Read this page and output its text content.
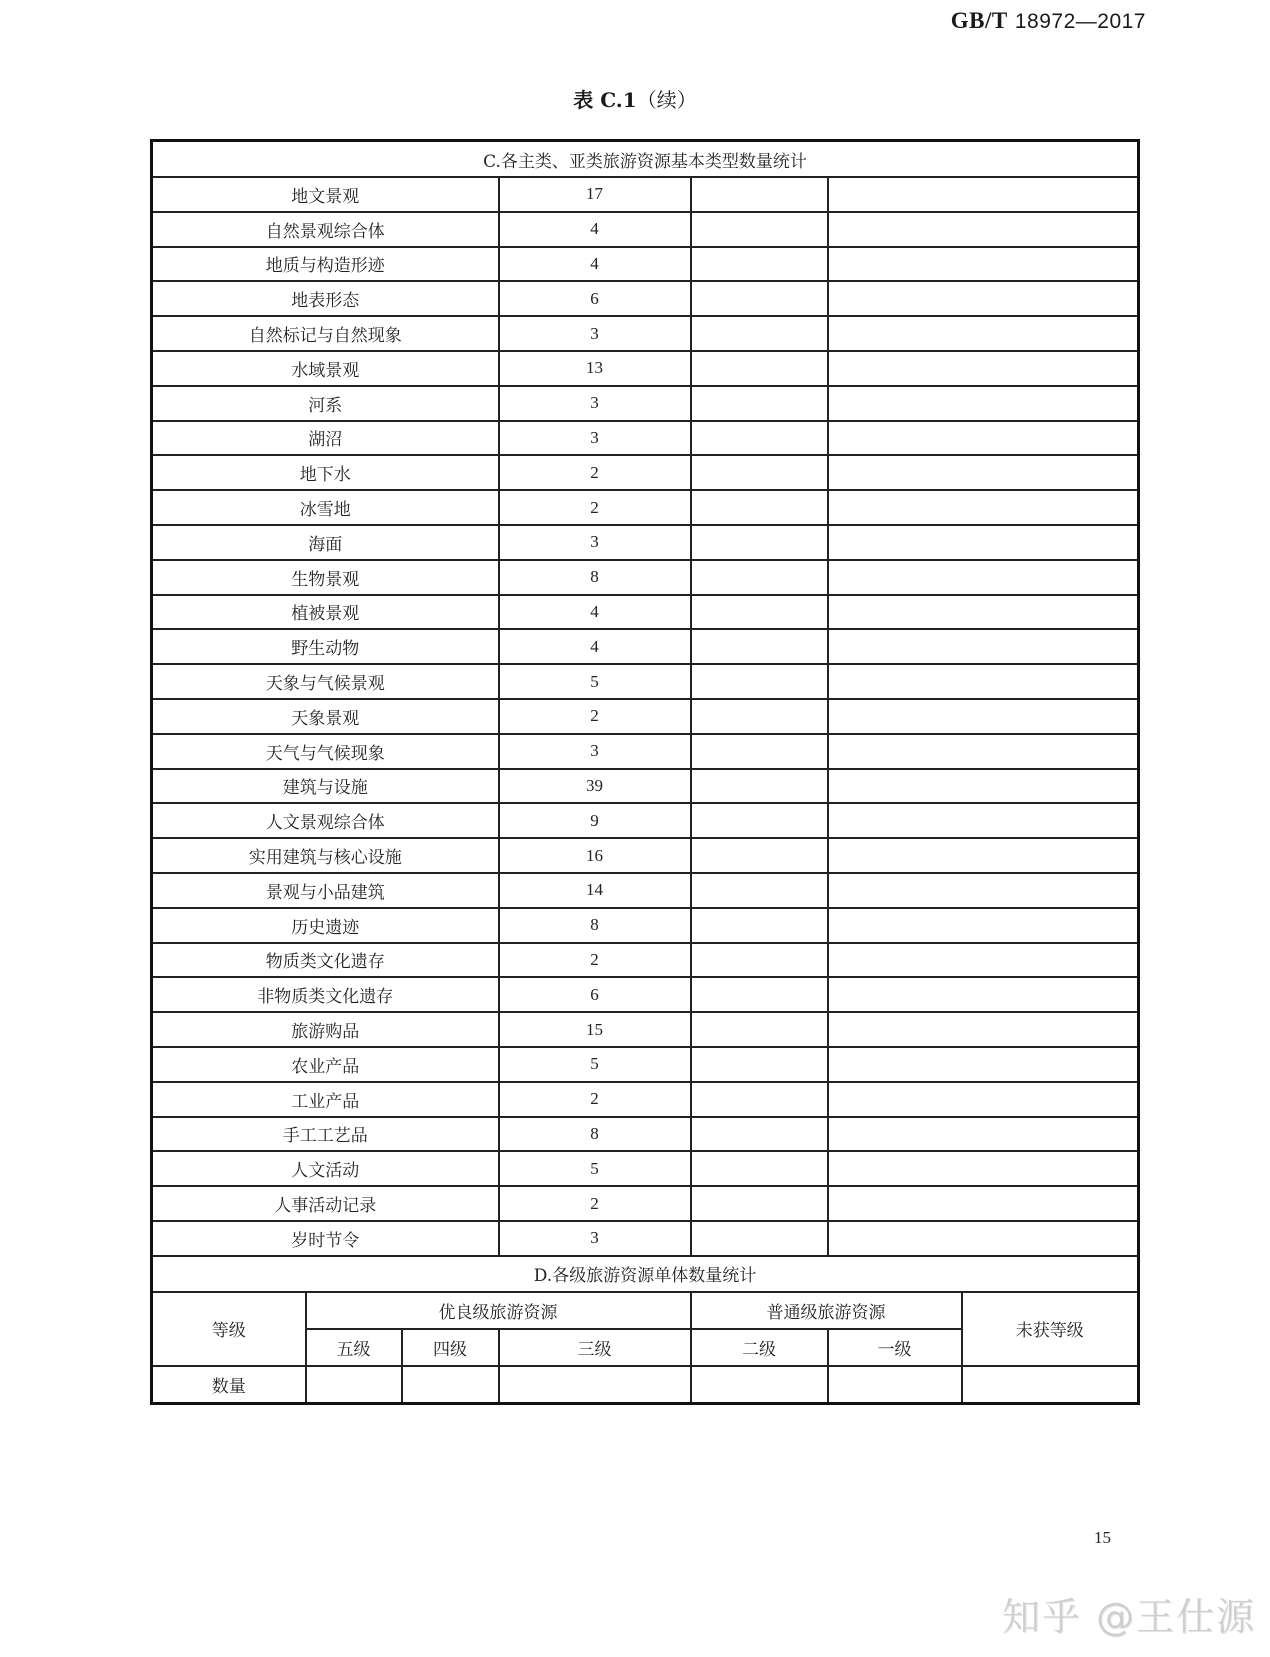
GB/T 18972—2017
表 C.1（续）
C.各主类、亚类旅游资源基本类型数量统计						
地文景观			17			
自然景观综合体			4			
地质与构造形迹			4			
地表形态			6			
自然标记与自然现象			3			
水域景观			13			
河系			3			
湖沼			3			
地下水			2			
冰雪地			2			
海面			3			
生物景观			8			
植被景观			4			
野生动物			4			
天象与气候景观			5			
天象景观			2			
天气与气候现象			3			
建筑与设施			39			
人文景观综合体			9			
实用建筑与核心设施			16			
景观与小品建筑			14			
历史遗迹			8			
物质类文化遗存			2			
非物质类文化遗存			6			
旅游购品			15			
农业产品			5			
工业产品			2			
手工工艺品			8			
人文活动			5			
人事活动记录			2			
岁时节令			3			
D.各级旅游资源单体数量统计						
等级	优良级旅游资源			普通级旅游资源		未获等级
	五级	四级	三级	二级	一级	
数量						
15
知乎 @王仕源
